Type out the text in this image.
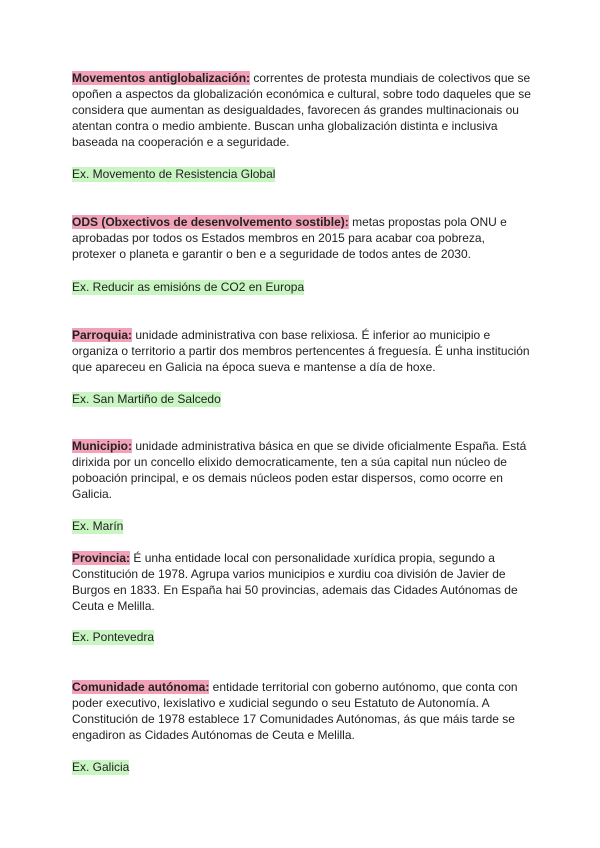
Movementos antiglobalización: correntes de protesta mundiais de colectivos que se opoñen a aspectos da globalización económica e cultural, sobre todo daqueles que se considera que aumentan as desigualdades, favorecen ás grandes multinacionais ou atentan contra o medio ambiente. Buscan unha globalización distinta e inclusiva baseada na cooperación e a seguridade.

Ex. Movemento de Resistencia Global

ODS (Obxectivos de desenvolvemento sostible): metas propostas pola ONU e aprobadas por todos os Estados membros en 2015 para acabar coa pobreza, protexer o planeta e garantir o ben e a seguridade de todos antes de 2030.

Ex. Reducir as emisións de CO2 en Europa

Parroquia: unidade administrativa con base relixiosa. É inferior ao municipio e organiza o territorio a partir dos membros pertencentes á freguesía. É unha institución que apareceu en Galicia na época sueva e mantense a día de hoxe.

Ex. San Martiño de Salcedo

Municipio: unidade administrativa básica en que se divide oficialmente España. Está dirixida por un concello elixido democraticamente, ten a súa capital nun núcleo de poboación principal, e os demais núcleos poden estar dispersos, como ocorre en Galicia.

Ex. Marín

Provincia: É unha entidade local con personalidade xurídica propia, segundo a Constitución de 1978. Agrupa varios municipios e xurdiu coa división de Javier de Burgos en 1833. En España hai 50 provincias, ademais das Cidades Autónomas de Ceuta e Melilla.

Ex. Pontevedra

Comunidade autónoma: entidade territorial con goberno autónomo, que conta con poder executivo, lexislativo e xudicial segundo o seu Estatuto de Autonomía. A Constitución de 1978 establece 17 Comunidades Autónomas, ás que máis tarde se engadiron as Cidades Autónomas de Ceuta e Melilla.

Ex. Galicia
